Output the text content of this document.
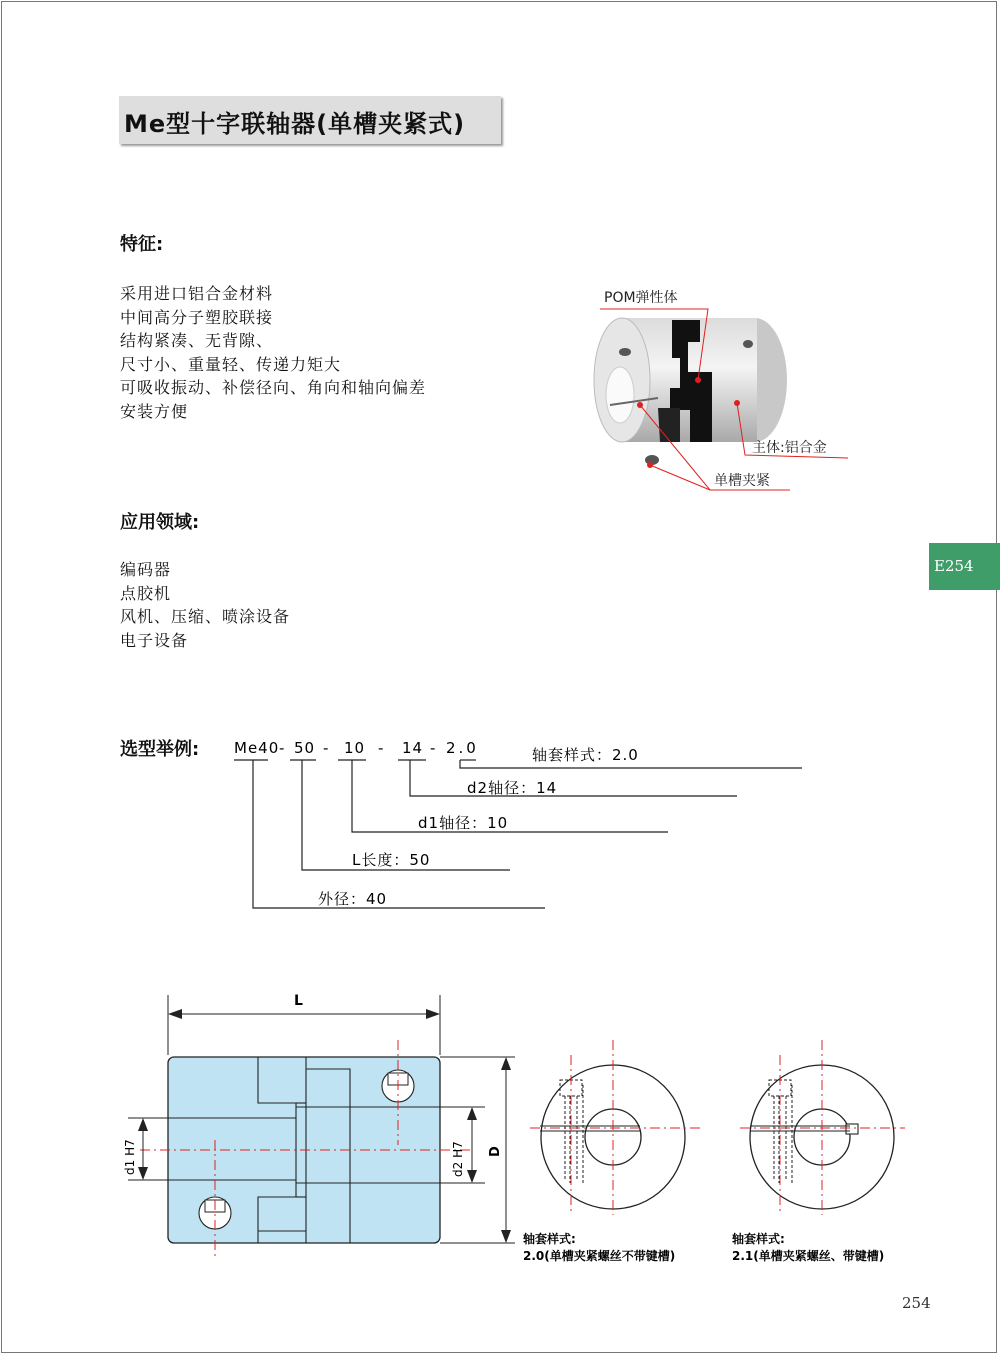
Me型十字联轴器(单槽夹紧式)
特征:
采用进口铝合金材料
中间高分子塑胶联接
结构紧凑、无背隙、
尺寸小、重量轻、传递力矩大
可吸收振动、补偿径向、角向和轴向偏差
安装方便
POM弹性体
主体:铝合金
单槽夹紧
应用领域:
编码器
点胶机
风机、压缩、喷涂设备
电子设备
E254
选型举例: Me40 - 50 - 10 - 14 - 2.0	轴套样式：2.0
d2轴径：14
d1轴径：10
L长度：50
外径：40
L
d1 H7	d2 H7 D
轴套样式:
2.0(单槽夹紧螺丝不带键槽)
轴套样式:
2.1(单槽夹紧螺丝、带键槽)
254
